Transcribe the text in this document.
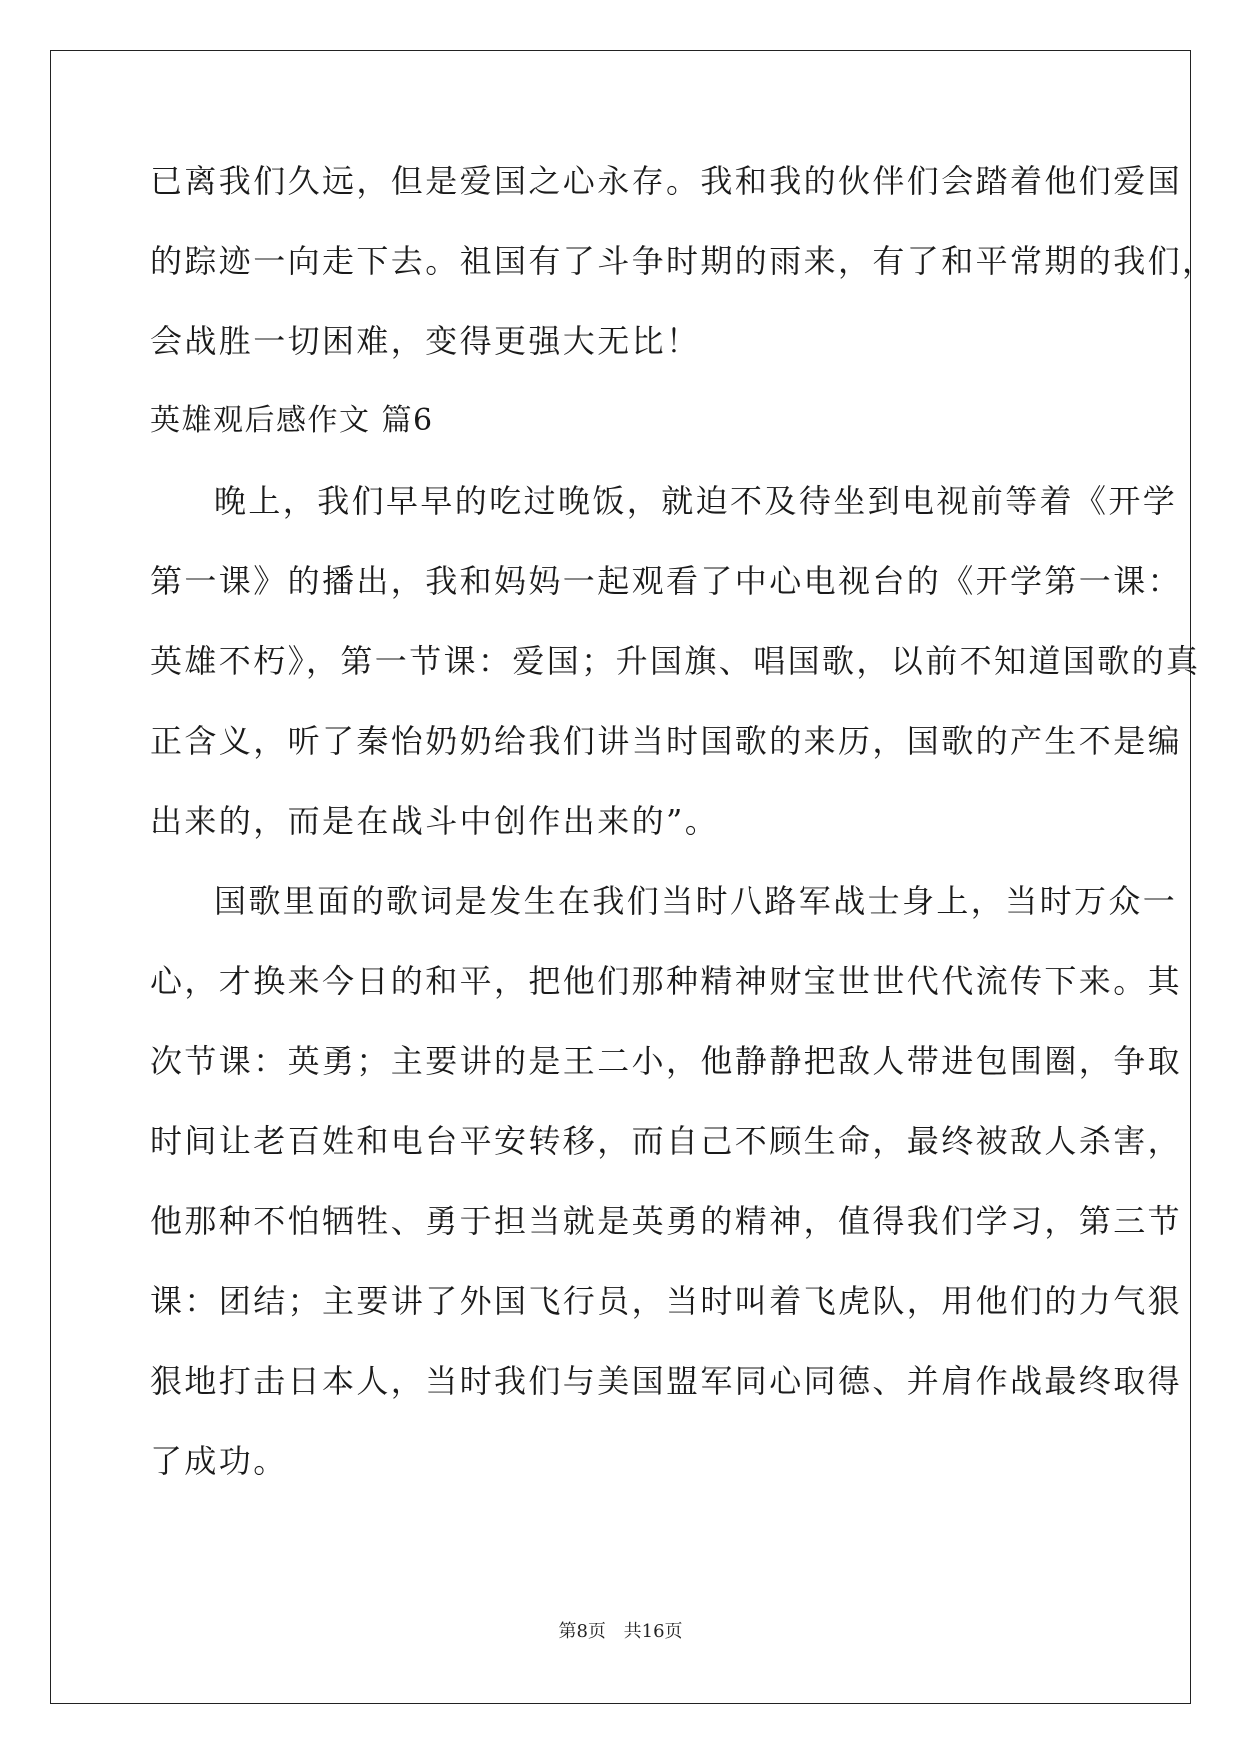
已离我们久远，但是爱国之心永存。我和我的伙伴们会踏着他们爱国
的踪迹一向走下去。祖国有了斗争时期的雨来，有了和平常期的我们，
会战胜一切困难，变得更强大无比！
英雄观后感作文 篇6
晚上，我们早早的吃过晚饭，就迫不及待坐到电视前等着《开学
第一课》的播出，我和妈妈一起观看了中心电视台的《开学第一课：
英雄不朽》，第一节课：爱国；升国旗、唱国歌，以前不知道国歌的真
正含义，听了秦怡奶奶给我们讲当时国歌的来历，国歌的产生不是编
出来的，而是在战斗中创作出来的”。
国歌里面的歌词是发生在我们当时八路军战士身上，当时万众一
心，才换来今日的和平，把他们那种精神财宝世世代代流传下来。其
次节课：英勇；主要讲的是王二小，他静静把敌人带进包围圈，争取
时间让老百姓和电台平安转移，而自己不顾生命，最终被敌人杀害，
他那种不怕牺牲、勇于担当就是英勇的精神，值得我们学习，第三节
课：团结；主要讲了外国飞行员，当时叫着飞虎队，用他们的力气狠
狠地打击日本人，当时我们与美国盟军同心同德、并肩作战最终取得
了成功。
第8页 共16页
